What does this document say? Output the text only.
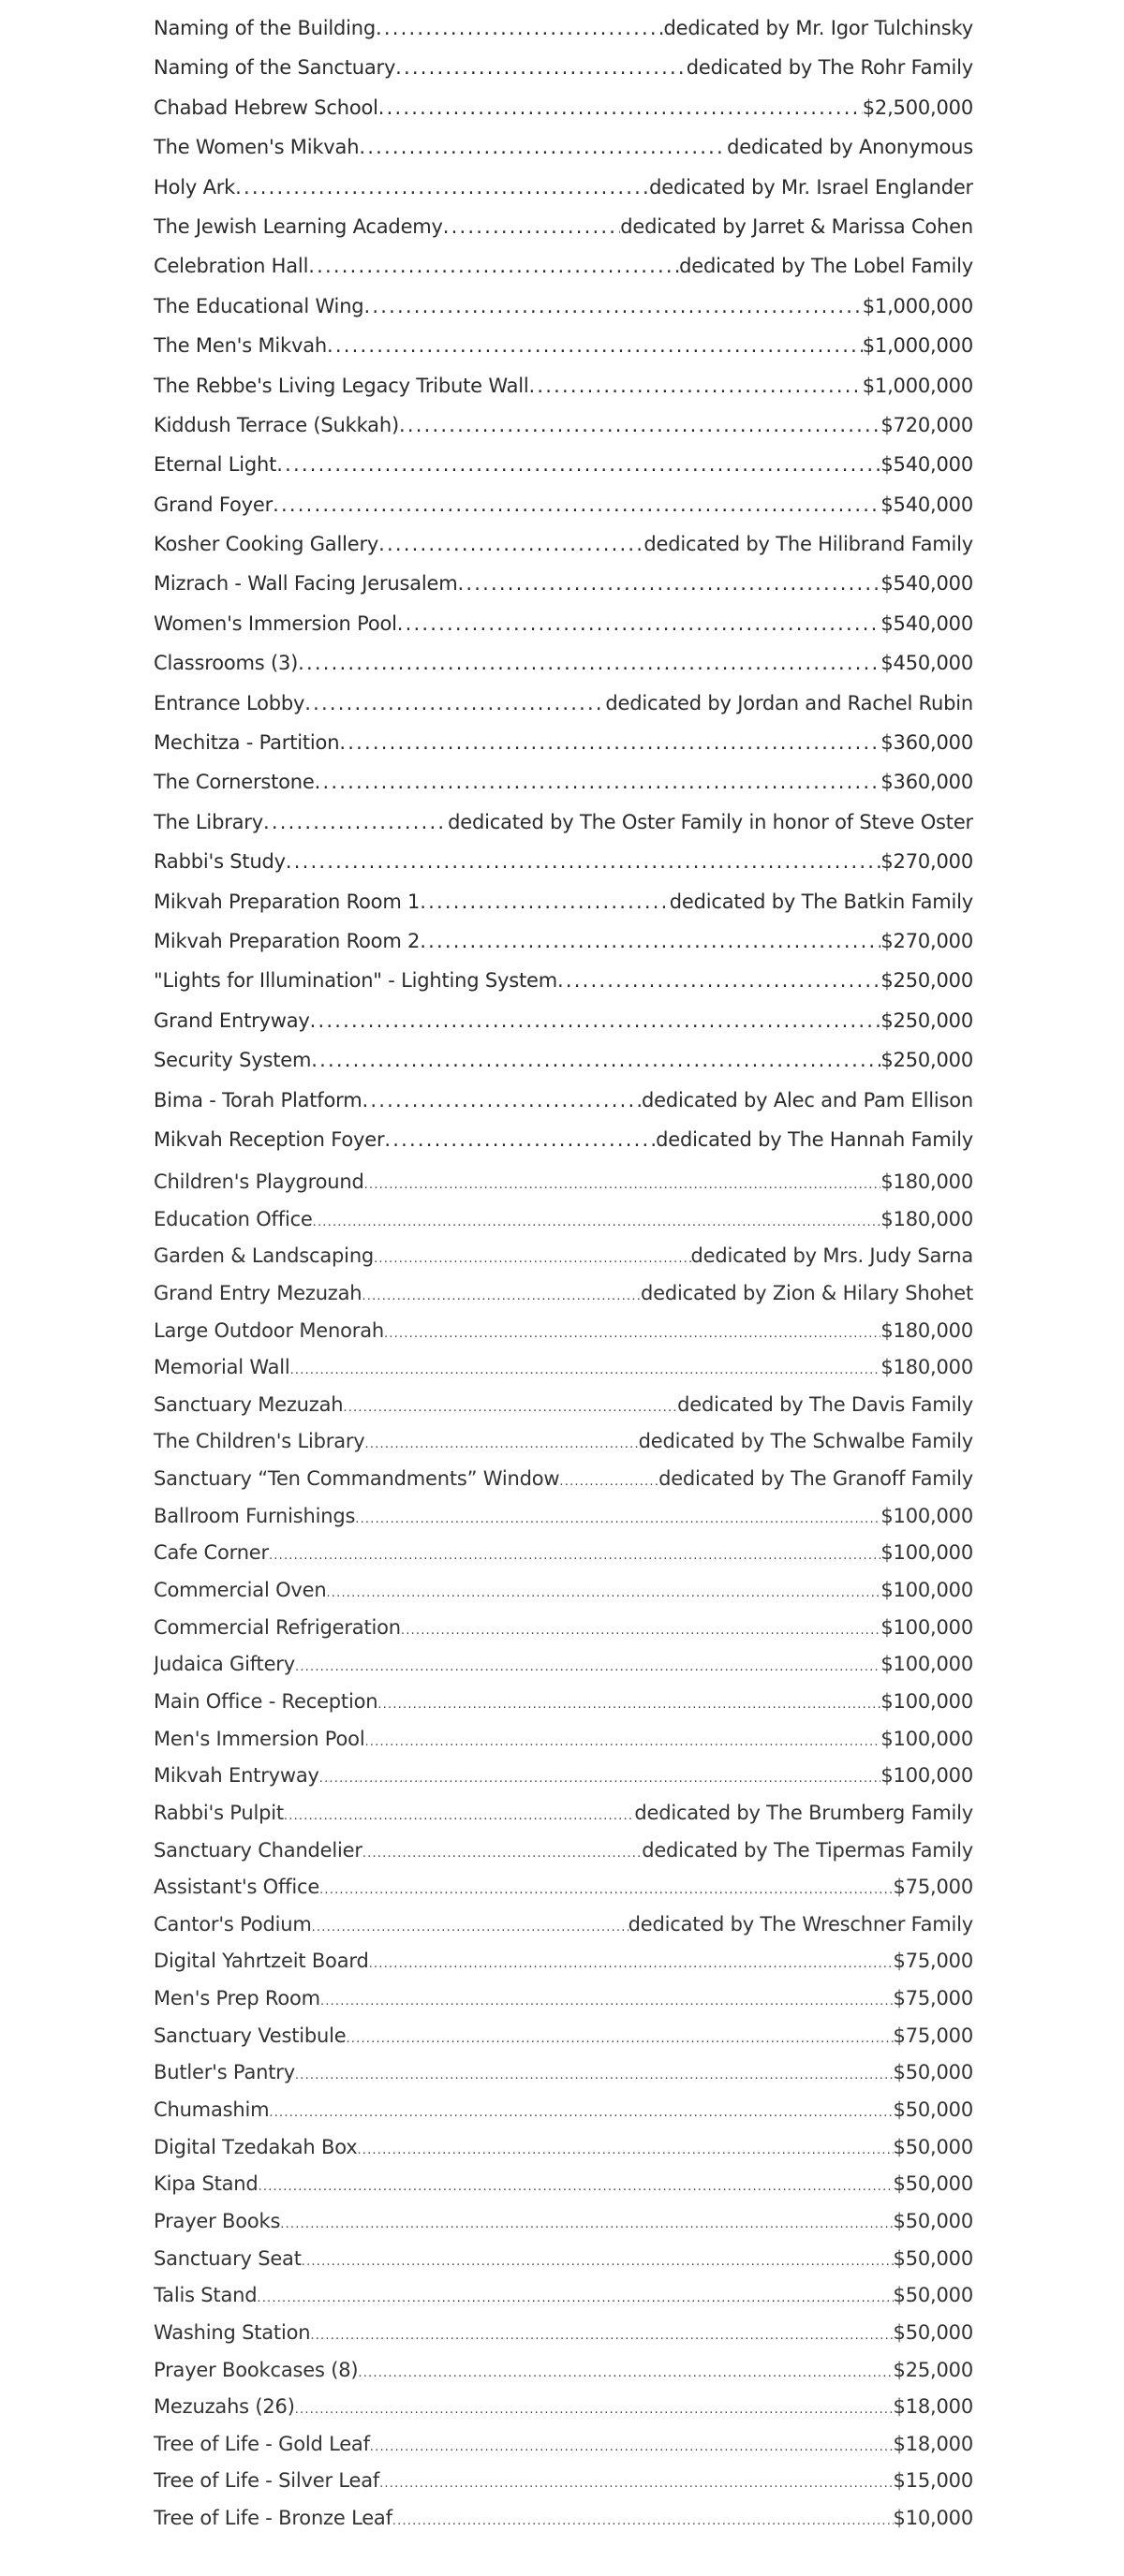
Naming of the Building .....	dedicated by Mr. Igor Tulchinsky
Naming of the Sanctuary .....	dedicated by The Rohr Family
Chabad Hebrew School .....	$2,500,000
The Women's Mikvah .....	dedicated by Anonymous
Holy Ark .....	dedicated by Mr. Israel Englander
The Jewish Learning Academy .....	dedicated by Jarret & Marissa Cohen
Celebration Hall .....	dedicated by The Lobel Family
The Educational Wing .....	$1,000,000
The Men's Mikvah .....	$1,000,000
The Rebbe's Living Legacy Tribute Wall .....	$1,000,000
Kiddush Terrace (Sukkah) .....	$720,000
Eternal Light .....	$540,000
Grand Foyer .....	$540,000
Kosher Cooking Gallery .....	dedicated by The Hilibrand Family
Mizrach - Wall Facing Jerusalem .....	$540,000
Women's Immersion Pool .....	$540,000
Classrooms (3) .....	$450,000
Entrance Lobby .....	dedicated by Jordan and Rachel Rubin
Mechitza - Partition .....	$360,000
The Cornerstone .....	$360,000
The Library .....	dedicated by The Oster Family in honor of Steve Oster
Rabbi's Study .....	$270,000
Mikvah Preparation Room 1 .....	dedicated by The Batkin Family
Mikvah Preparation Room 2 .....	$270,000
"Lights for Illumination" - Lighting System .....	$250,000
Grand Entryway .....	$250,000
Security System .....	$250,000
Bima - Torah Platform .....	dedicated by Alec and Pam Ellison
Mikvah Reception Foyer .....	dedicated by The Hannah Family
Children's Playground .....	$180,000
Education Office .....	$180,000
Garden & Landscaping .....	dedicated by Mrs. Judy Sarna
Grand Entry Mezuzah .....	dedicated by Zion & Hilary Shohet
Large Outdoor Menorah .....	$180,000
Memorial Wall .....	$180,000
Sanctuary Mezuzah .....	dedicated by The Davis Family
The Children's Library .....	dedicated by The Schwalbe Family
Sanctuary “Ten Commandments” Window .....	dedicated by The Granoff Family
Ballroom Furnishings .....	$100,000
Cafe Corner .....	$100,000
Commercial Oven .....	$100,000
Commercial Refrigeration .....	$100,000
Judaica Giftery .....	$100,000
Main Office - Reception .....	$100,000
Men's Immersion Pool .....	$100,000
Mikvah Entryway .....	$100,000
Rabbi's Pulpit .....	dedicated by The Brumberg Family
Sanctuary Chandelier .....	dedicated by The Tipermas Family
Assistant's Office .....	$75,000
Cantor's Podium .....	dedicated by The Wreschner Family
Digital Yahrtzeit Board .....	$75,000
Men's Prep Room .....	$75,000
Sanctuary Vestibule .....	$75,000
Butler's Pantry .....	$50,000
Chumashim .....	$50,000
Digital Tzedakah Box .....	$50,000
Kipa Stand .....	$50,000
Prayer Books .....	$50,000
Sanctuary Seat .....	$50,000
Talis Stand .....	$50,000
Washing Station .....	$50,000
Prayer Bookcases (8) .....	$25,000
Mezuzahs (26) .....	$18,000
Tree of Life - Gold Leaf .....	$18,000
Tree of Life - Silver Leaf .....	$15,000
Tree of Life - Bronze Leaf .....	$10,000
